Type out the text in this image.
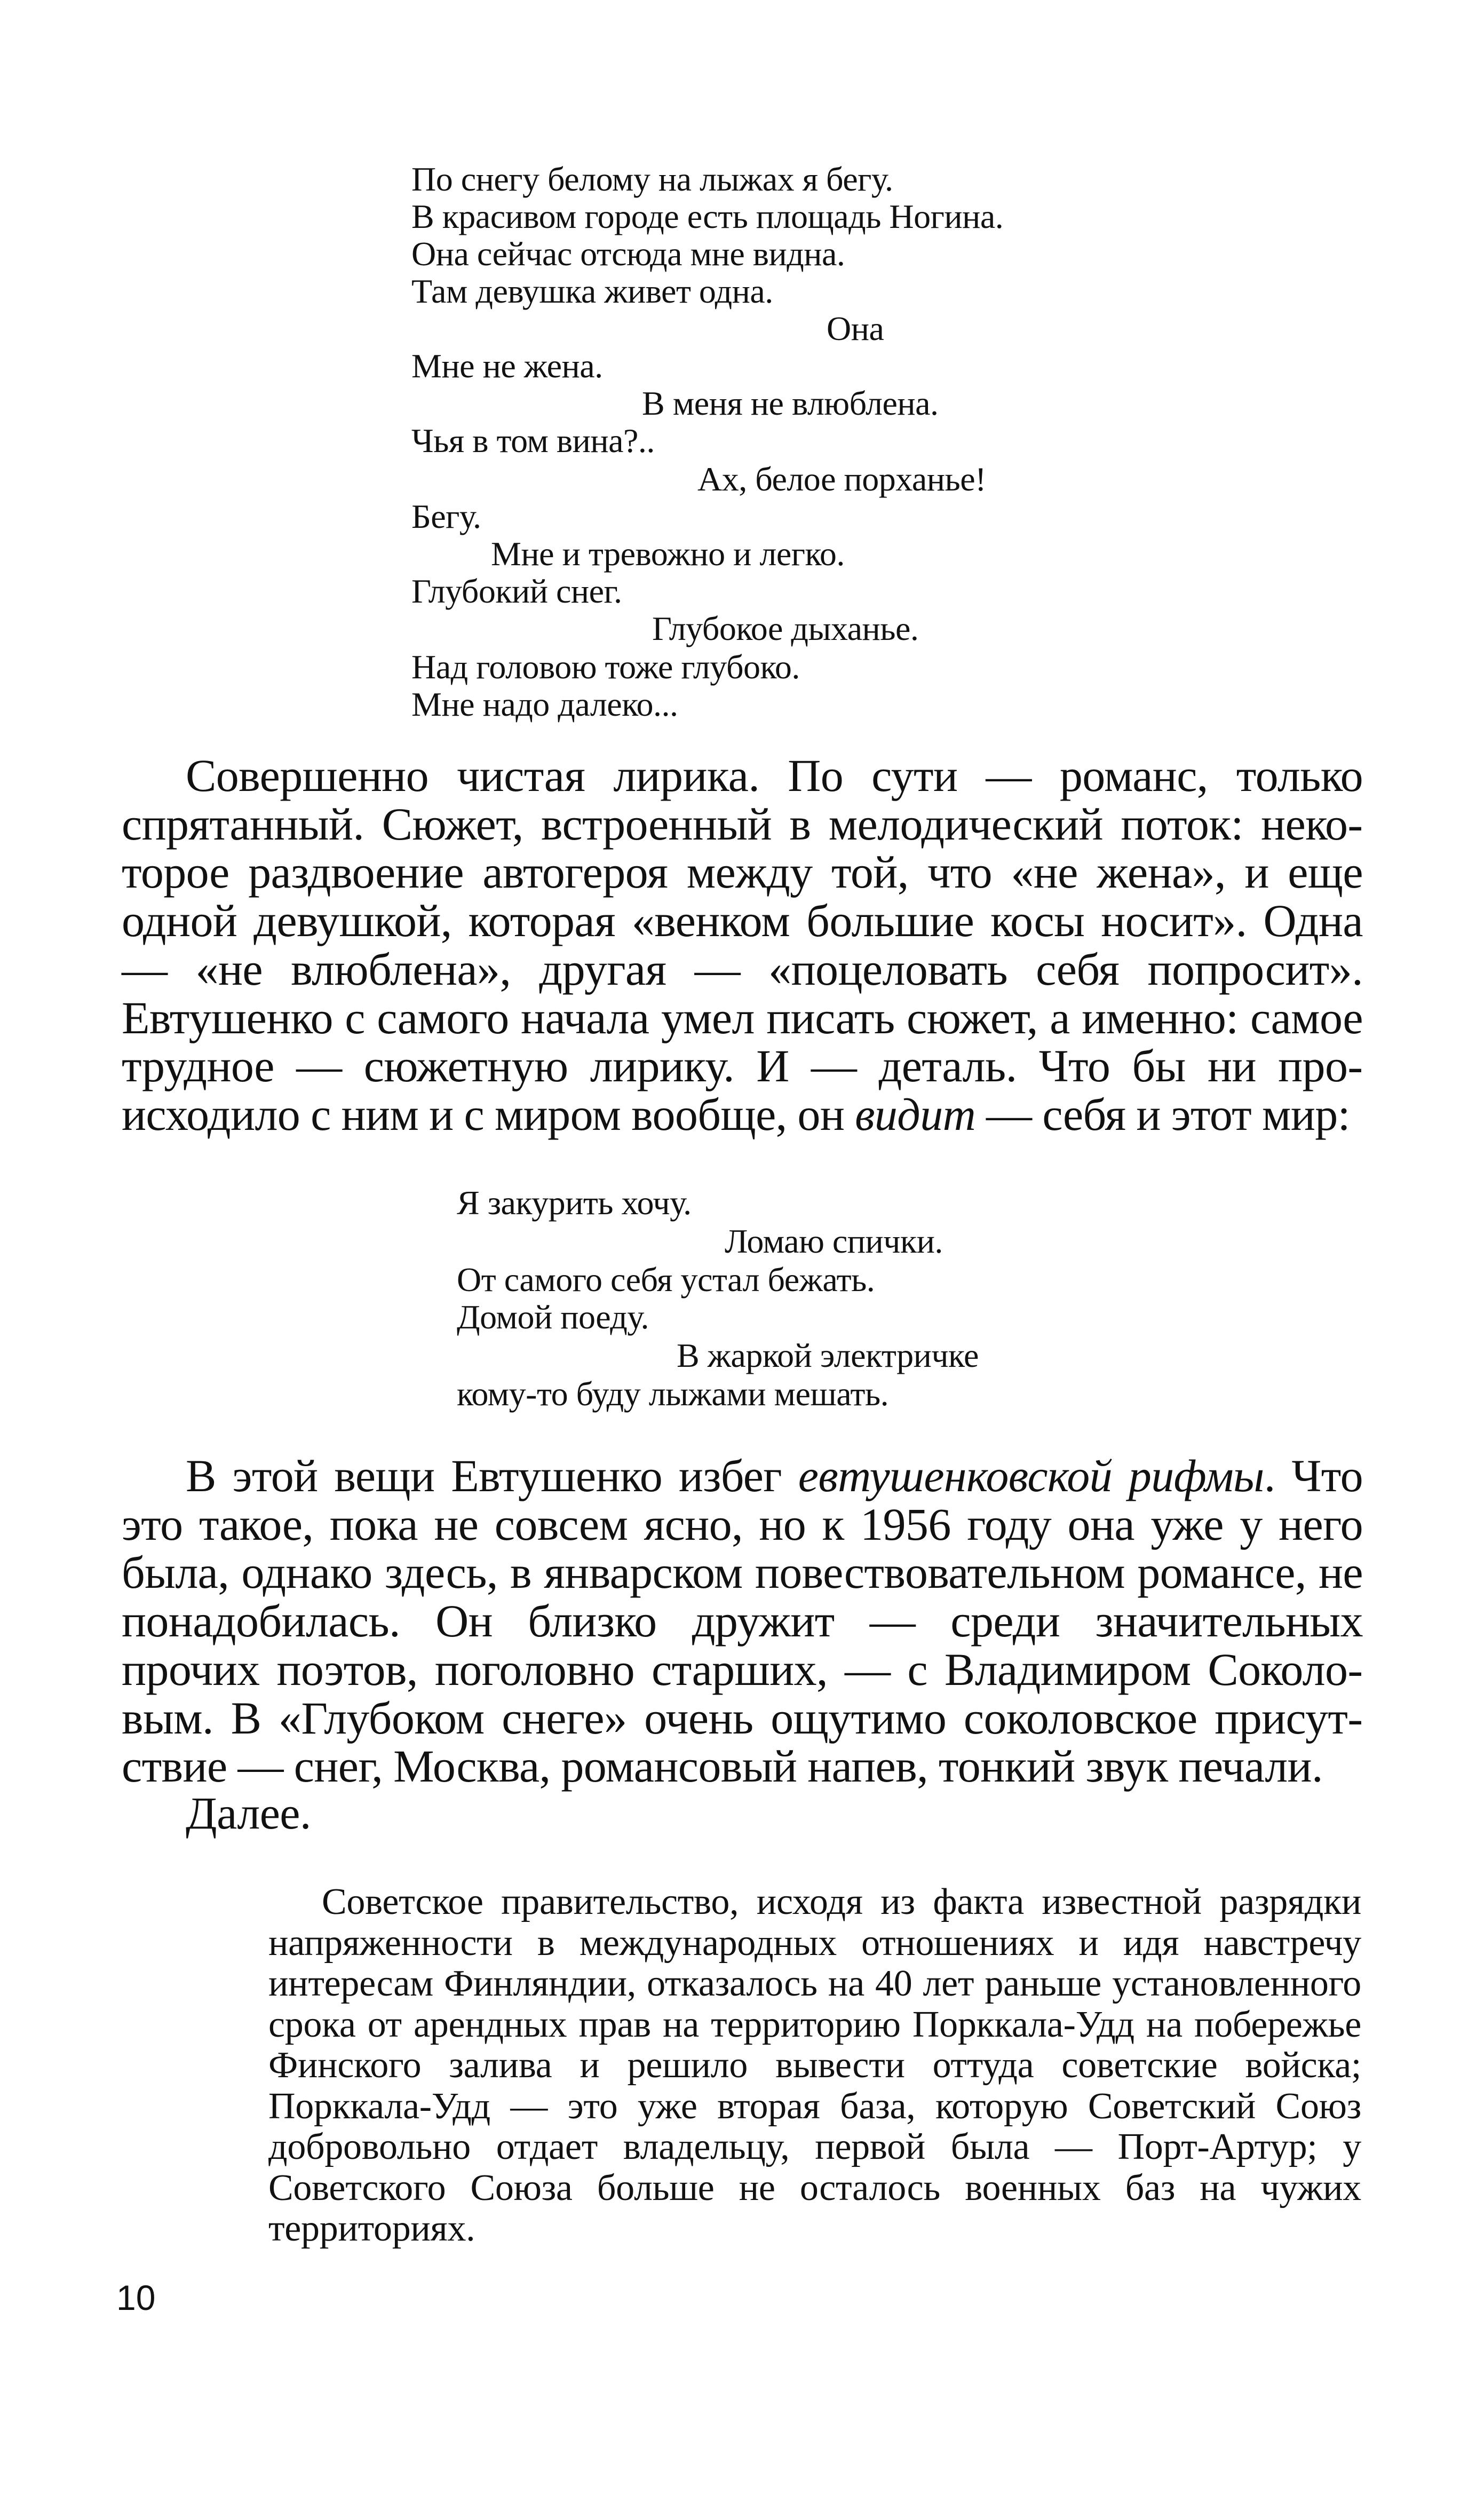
По снегу белому на лыжах я бегу.
В красивом городе есть площадь Ногина.
Она сейчас отсюда мне видна.
Там девушка живет одна.
Она
Мне не жена.
В меня не влюблена.
Чья в том вина?..
Ах, белое порханье!
Бегу.
Мне и тревожно и легко.
Глубокий снег.
Глубокое дыханье.
Над головою тоже глубоко.
Мне надо далеко...
Совершенно чистая лирика. По сути — романс, только спрятанный. Сюжет, встроенный в мелодический поток: некоторое раздвоение автогероя между той, что «не жена», и еще одной девушкой, которая «венком большие косы носит». Одна — «не влюблена», другая — «поцеловать себя попросит». Евтушенко с самого начала умел писать сюжет, а именно: самое трудное — сюжетную лирику. И — деталь. Что бы ни происходило с ним и с миром вообще, он видит — себя и этот мир:
Я закурить хочу.
Ломаю спички.
От самого себя устал бежать.
Домой поеду.
В жаркой электричке
кому-то буду лыжами мешать.
В этой вещи Евтушенко избег евтушенковской рифмы. Что это такое, пока не совсем ясно, но к 1956 году она уже у него была, однако здесь, в январском повествовательном романсе, не понадобилась. Он близко дружит — среди значительных прочих поэтов, поголовно старших, — с Владимиром Соколовым. В «Глубоком снеге» очень ощутимо соколовское присутствие — снег, Москва, романсовый напев, тонкий звук печали.
Далее.
Советское правительство, исходя из факта известной разрядки напряженности в международных отношениях и идя навстречу интересам Финляндии, отказалось на 40 лет раньше установленного срока от арендных прав на территорию Порккала-Удд на побережье Финского залива и решило вывести оттуда советские войска; Порккала-Удд — это уже вторая база, которую Советский Союз добровольно отдает владельцу, первой была — Порт-Артур; у Советского Союза больше не осталось военных баз на чужих территориях.
10
